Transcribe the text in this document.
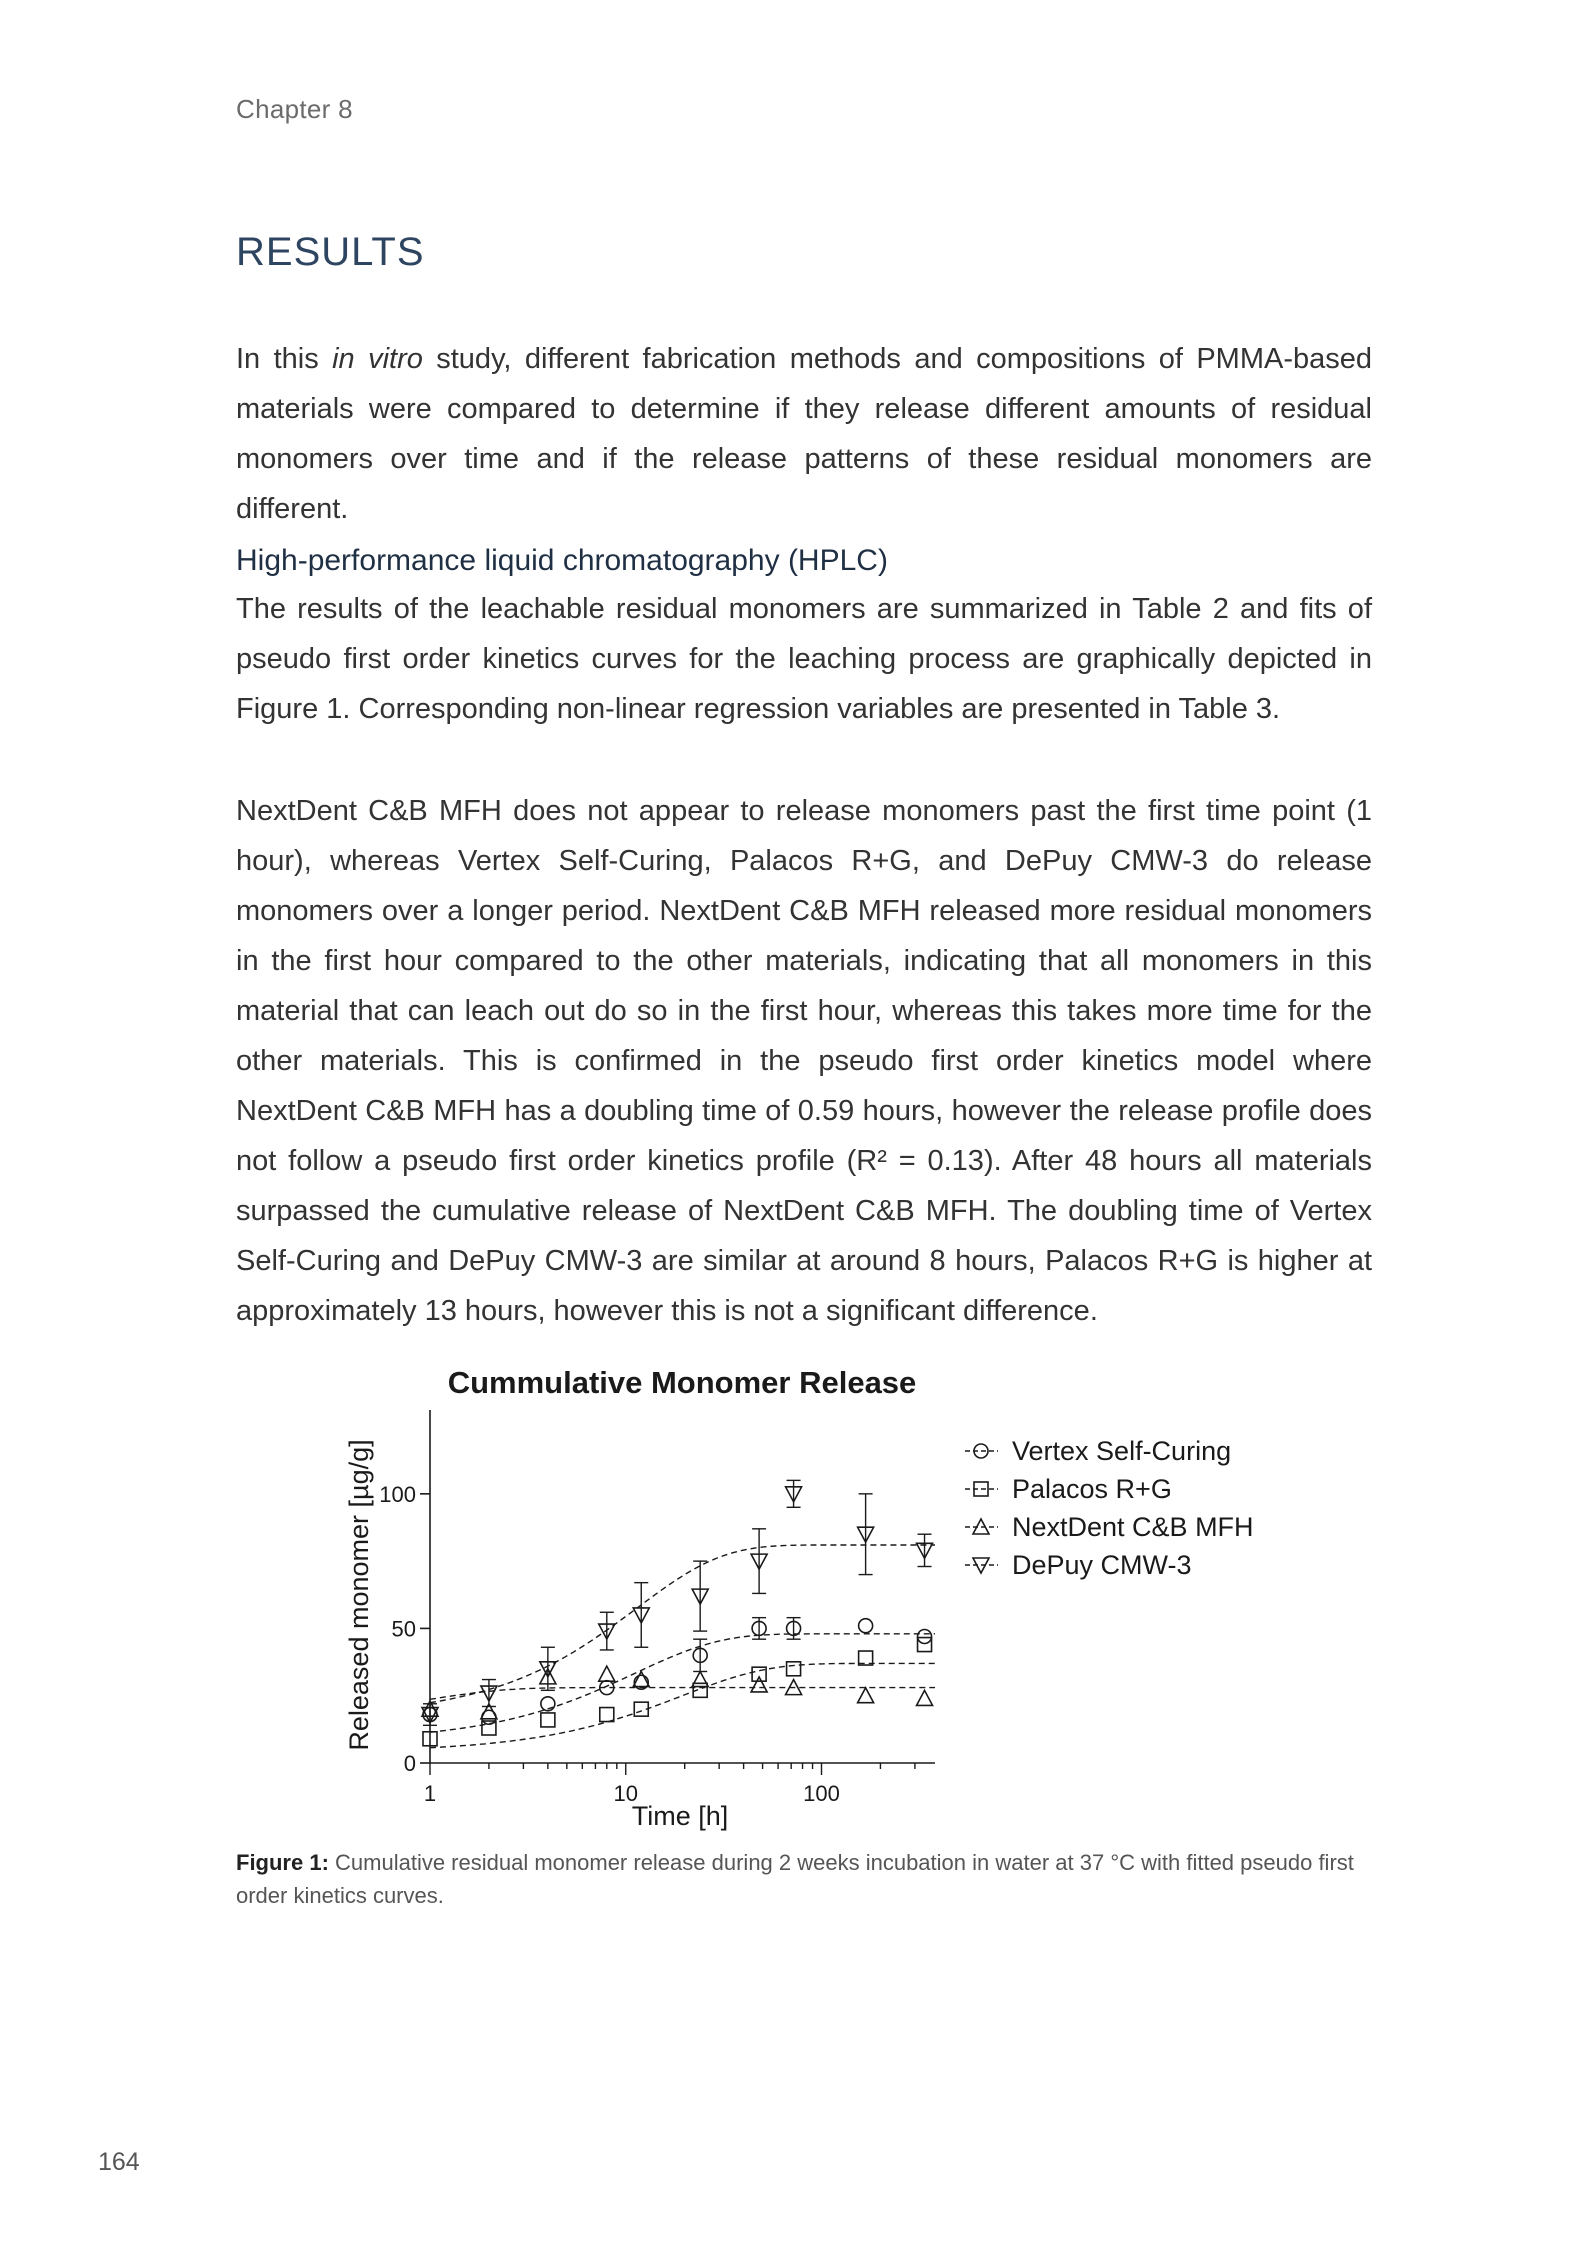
Chapter 8
RESULTS

In this in vitro study, different fabrication methods and compositions of PMMA-based materials were compared to determine if they release different amounts of residual monomers over time and if the release patterns of these residual monomers are different.

High-performance liquid chromatography (HPLC)

The results of the leachable residual monomers are summarized in Table 2 and fits of pseudo first order kinetics curves for the leaching process are graphically depicted in Figure 1. Corresponding non-linear regression variables are presented in Table 3.

NextDent C&B MFH does not appear to release monomers past the first time point (1 hour), whereas Vertex Self-Curing, Palacos R+G, and DePuy CMW-3 do release monomers over a longer period. NextDent C&B MFH released more residual monomers in the first hour compared to the other materials, indicating that all monomers in this material that can leach out do so in the first hour, whereas this takes more time for the other materials. This is confirmed in the pseudo first order kinetics model where NextDent C&B MFH has a doubling time of 0.59 hours, however the release profile does not follow a pseudo first order kinetics profile (R² = 0.13). After 48 hours all materials surpassed the cumulative release of NextDent C&B MFH. The doubling time of Vertex Self-Curing and DePuy CMW-3 are similar at around 8 hours, Palacos R+G is higher at approximately 13 hours, however this is not a significant difference.

Cummulative Monomer Release
0
50
100
1	10	100
Time [h]
Released monomer [µg/g]	Vertex Self-Curing
Palacos R+G
NextDent C&B MFH
DePuy CMW-3

Figure 1: Cumulative residual monomer release during 2 weeks incubation in water at 37 °C with fitted pseudo first order kinetics curves.

164
